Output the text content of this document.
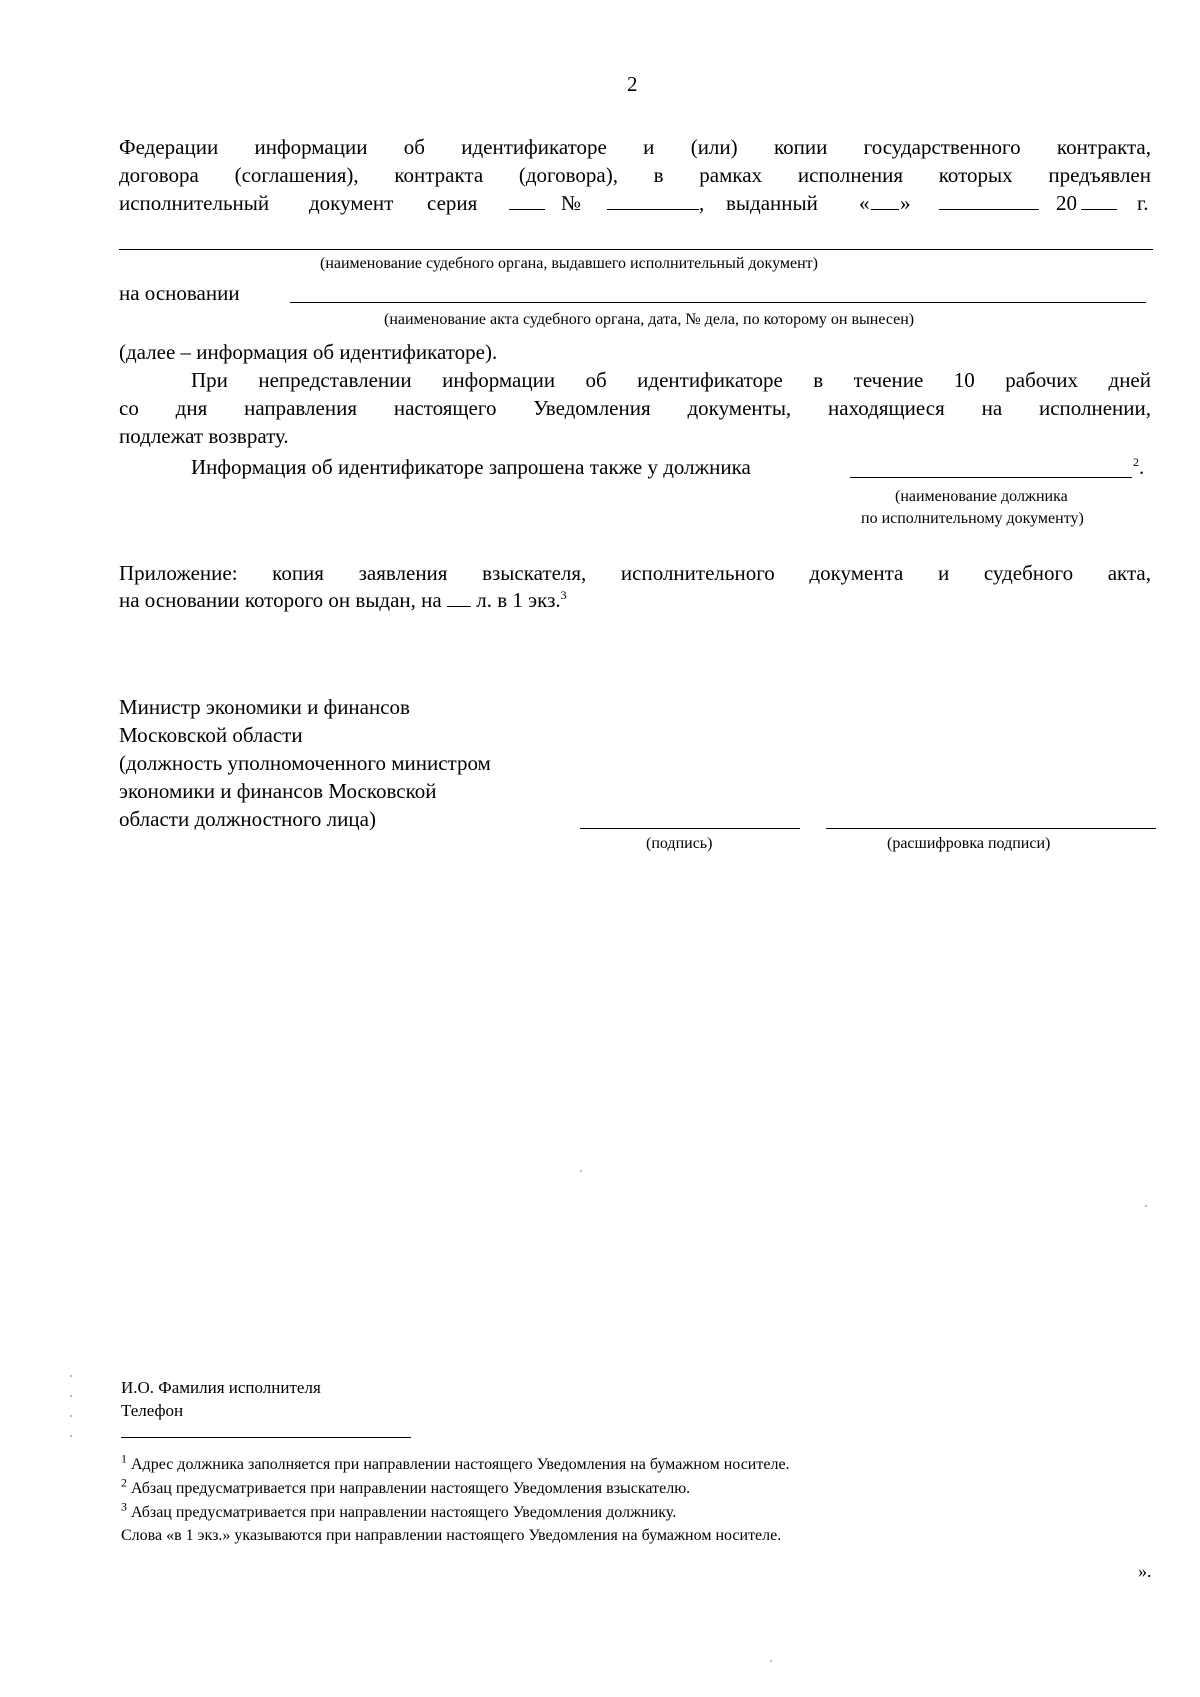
2
Федерации информации об идентификаторе и (или) копии государственного контракта,
договора (соглашения), контракта (договора), в рамках исполнения которых предъявлен
исполнительный документ серия	№	, выданный « »	20	г.
(наименование судебного органа, выдавшего исполнительный документ)
на основании
(наименование акта судебного органа, дата, № дела, по которому он вынесен)
(далее – информация об идентификаторе).
При непредставлении информации об идентификаторе в течение 10 рабочих дней
со дня направления настоящего Уведомления документы, находящиеся на исполнении,
подлежат возврату.
Информация об идентификаторе запрошена также у должника	$^2$.
(наименование должника
по исполнительному документу)
Приложение: копия заявления взыскателя, исполнительного документа и судебного акта,
на основании которого он выдан, на л. в 1 экз.$^3$
Министр экономики и финансов
Московской области
(должность уполномоченного министром
экономики и финансов Московской
области должностного лица)
(подпись)	(расшифровка подписи)
И.О. Фамилия исполнителя
Телефон
$^1$ Адрес должника заполняется при направлении настоящего Уведомления на бумажном носителе.
$^2$ Абзац предусматривается при направлении настоящего Уведомления взыскателю.
$^3$ Абзац предусматривается при направлении настоящего Уведомления должнику.
Слова «в 1 экз.» указываются при направлении настоящего Уведомления на бумажном носителе.
».
